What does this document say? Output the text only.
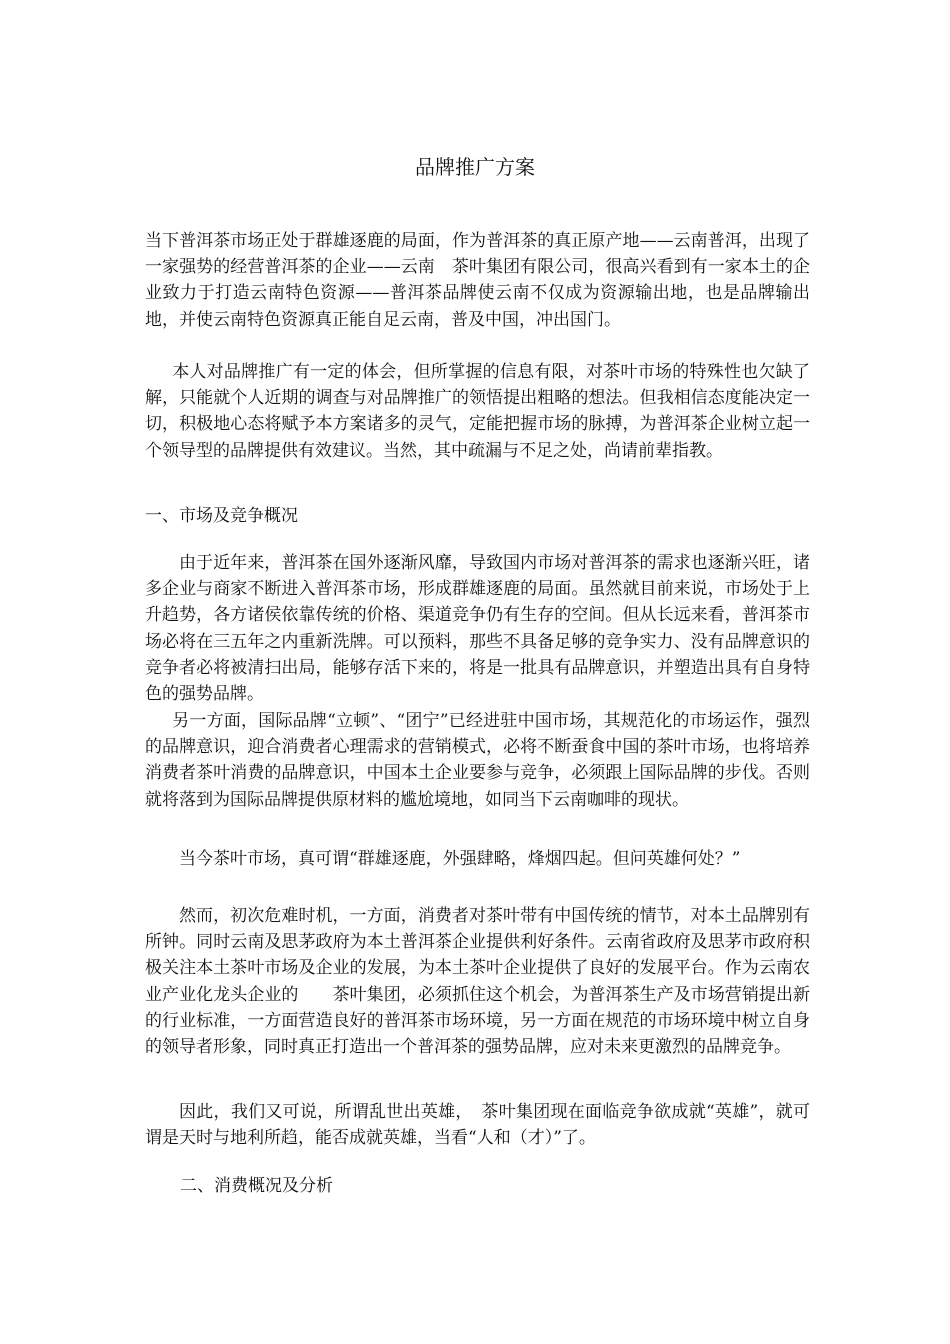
品牌推广方案

当下普洱茶市场正处于群雄逐鹿的局面，作为普洱茶的真正原产地——云南普洱，出现了一家强势的经营普洱茶的企业——云南　茶叶集团有限公司，很高兴看到有一家本土的企业致力于打造云南特色资源——普洱茶品牌使云南不仅成为资源输出地，也是品牌输出地，并使云南特色资源真正能自足云南，普及中国，冲出国门。

本人对品牌推广有一定的体会，但所掌握的信息有限，对茶叶市场的特殊性也欠缺了解，只能就个人近期的调查与对品牌推广的领悟提出粗略的想法。但我相信态度能决定一切，积极地心态将赋予本方案诸多的灵气，定能把握市场的脉搏，为普洱茶企业树立起一个领导型的品牌提供有效建议。当然，其中疏漏与不足之处，尚请前辈指教。

一、市场及竞争概况

由于近年来，普洱茶在国外逐渐风靡，导致国内市场对普洱茶的需求也逐渐兴旺，诸多企业与商家不断进入普洱茶市场，形成群雄逐鹿的局面。虽然就目前来说，市场处于上升趋势，各方诸侯依靠传统的价格、渠道竞争仍有生存的空间。但从长远来看，普洱茶市场必将在三五年之内重新洗牌。可以预料，那些不具备足够的竞争实力、没有品牌意识的竞争者必将被清扫出局，能够存活下来的，将是一批具有品牌意识，并塑造出具有自身特色的强势品牌。

另一方面，国际品牌“立顿”、“团宁”已经进驻中国市场，其规范化的市场运作，强烈的品牌意识，迎合消费者心理需求的营销模式，必将不断蚕食中国的茶叶市场，也将培养消费者茶叶消费的品牌意识，中国本土企业要参与竞争，必须跟上国际品牌的步伐。否则就将落到为国际品牌提供原材料的尴尬境地，如同当下云南咖啡的现状。

当今茶叶市场，真可谓“群雄逐鹿，外强肆略，烽烟四起。但问英雄何处？”

然而，初次危难时机，一方面，消费者对茶叶带有中国传统的情节，对本土品牌别有所钟。同时云南及思茅政府为本土普洱茶企业提供利好条件。云南省政府及思茅市政府积极关注本土茶叶市场及企业的发展，为本土茶叶企业提供了良好的发展平台。作为云南农业产业化龙头企业的　　茶叶集团，必须抓住这个机会，为普洱茶生产及市场营销提出新的行业标准，一方面营造良好的普洱茶市场环境，另一方面在规范的市场环境中树立自身的领导者形象，同时真正打造出一个普洱茶的强势品牌，应对未来更激烈的品牌竞争。

因此，我们又可说，所谓乱世出英雄，　茶叶集团现在面临竞争欲成就“英雄”，就可谓是天时与地利所趋，能否成就英雄，当看“人和（才）”了。

二、消费概况及分析
